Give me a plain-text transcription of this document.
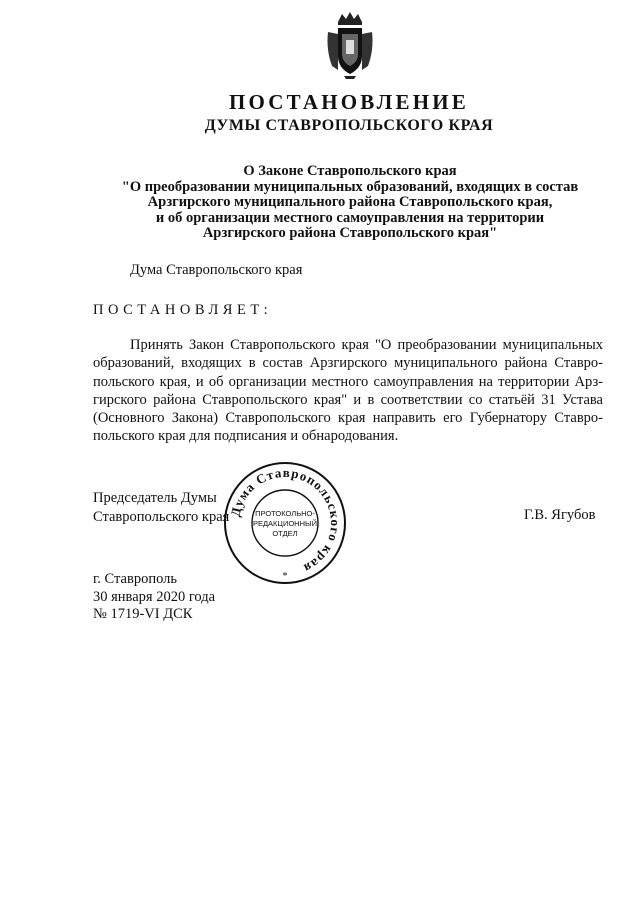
ПОСТАНОВЛЕНИЕ
ДУМЫ СТАВРОПОЛЬСКОГО КРАЯ
О Законе Ставропольского края
"О преобразовании муниципальных образований, входящих в состав
Арзгирского муниципального района Ставропольского края,
и об организации местного самоуправления на территории
Арзгирского района Ставропольского края"
Дума Ставропольского края
ПОСТАНОВЛЯЕТ:
Принять Закон Ставропольского края "О преобразовании муниципальных
образований, входящих в состав Арзгирского муниципального района Ставро-
польского края, и об организации местного самоуправления на территории Арз-
гирского района Ставропольского края" и в соответствии со статьёй 31 Устава
(Основного Закона) Ставропольского края направить его Губернатору Ставро-
польского края для подписания и обнародования.
Председатель Думы
Ставропольского края	Г.В. Ягубов
Дума Ставропольского края
ПРОТОКОЛЬНО-
РЕДАКЦИОННЫЙ
ОТДЕЛ
*
г. Ставрополь
30 января 2020 года
№ 1719-VI ДСК
